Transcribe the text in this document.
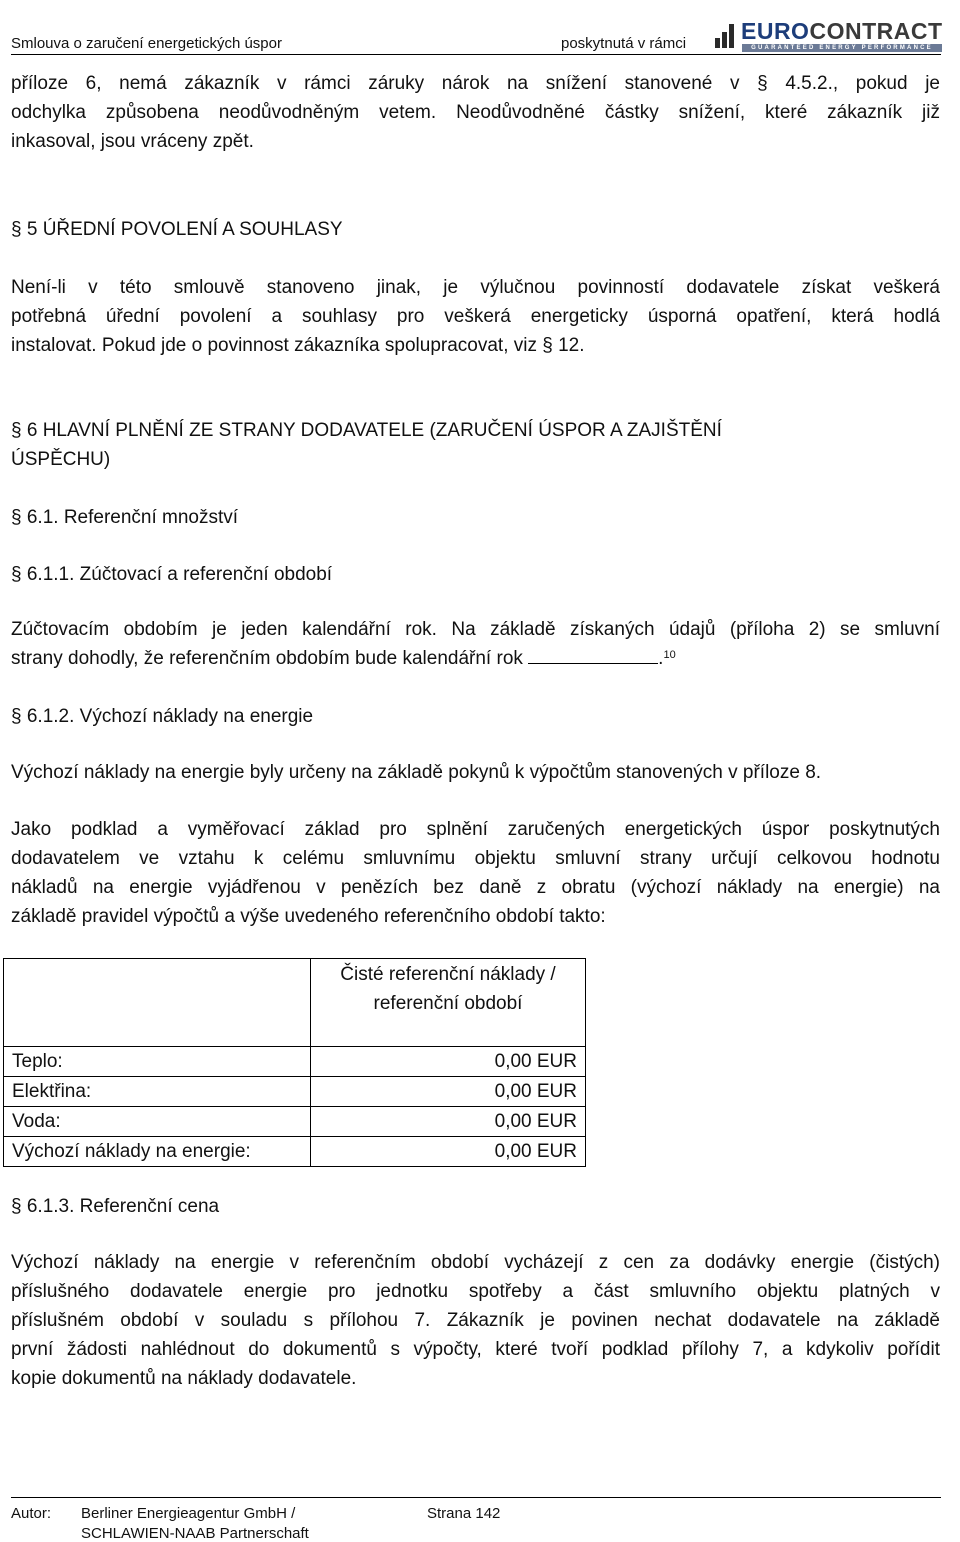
Smlouva o zaručení energetických úspor	poskytnutá v rámci EUROCONTRACT
GUARANTEED ENERGY PERFORMANCE
příloze 6, nemá zákazník v rámci záruky nárok na snížení stanovené v § 4.5.2., pokud je
odchylka způsobena neodůvodněným vetem. Neodůvodněné částky snížení, které zákazník již
inkasoval, jsou vráceny zpět.
§ 5 ÚŘEDNÍ POVOLENÍ A SOUHLASY
Není-li v této smlouvě stanoveno jinak, je výlučnou povinností dodavatele získat veškerá
potřebná úřední povolení a souhlasy pro veškerá energeticky úsporná opatření, která hodlá
instalovat. Pokud jde o povinnost zákazníka spolupracovat, viz § 12.
§ 6 HLAVNÍ PLNĚNÍ ZE STRANY DODAVATELE (ZARUČENÍ ÚSPOR A ZAJIŠTĚNÍ
ÚSPĚCHU)
§ 6.1. Referenční množství
§ 6.1.1. Zúčtovací a referenční období
Zúčtovacím obdobím je jeden kalendářní rok. Na základě získaných údajů (příloha 2) se smluvní
strany dohodly, že referenčním obdobím bude kalendářní rok	.$^{10}$
§ 6.1.2. Výchozí náklady na energie
Výchozí náklady na energie byly určeny na základě pokynů k výpočtům stanovených v příloze 8.
Jako podklad a vyměřovací základ pro splnění zaručených energetických úspor poskytnutých
dodavatelem ve vztahu k celému smluvnímu objektu smluvní strany určují celkovou hodnotu
nákladů na energie vyjádřenou v penězích bez daně z obratu (výchozí náklady na energie) na
základě pravidel výpočtů a výše uvedeného referenčního období takto:

	Čisté referenční náklady /
referenční období

Teplo:	0,00 EUR
Elektřina:	0,00 EUR
Voda:	0,00 EUR
Výchozí náklady na energie:	0,00 EUR
§ 6.1.3. Referenční cena
Výchozí náklady na energie v referenčním období vycházejí z cen za dodávky energie (čistých)
příslušného dodavatele energie pro jednotku spotřeby a část smluvního objektu platných v
příslušném období v souladu s přílohou 7. Zákazník je povinen nechat dodavatele na základě
první žádosti nahlédnout do dokumentů s výpočty, které tvoří podklad přílohy 7, a kdykoliv pořídit
kopie dokumentů na náklady dodavatele.
Autor: Berliner Energieagentur GmbH /
SCHLAWIEN-NAAB Partnerschaft
Strana 142
